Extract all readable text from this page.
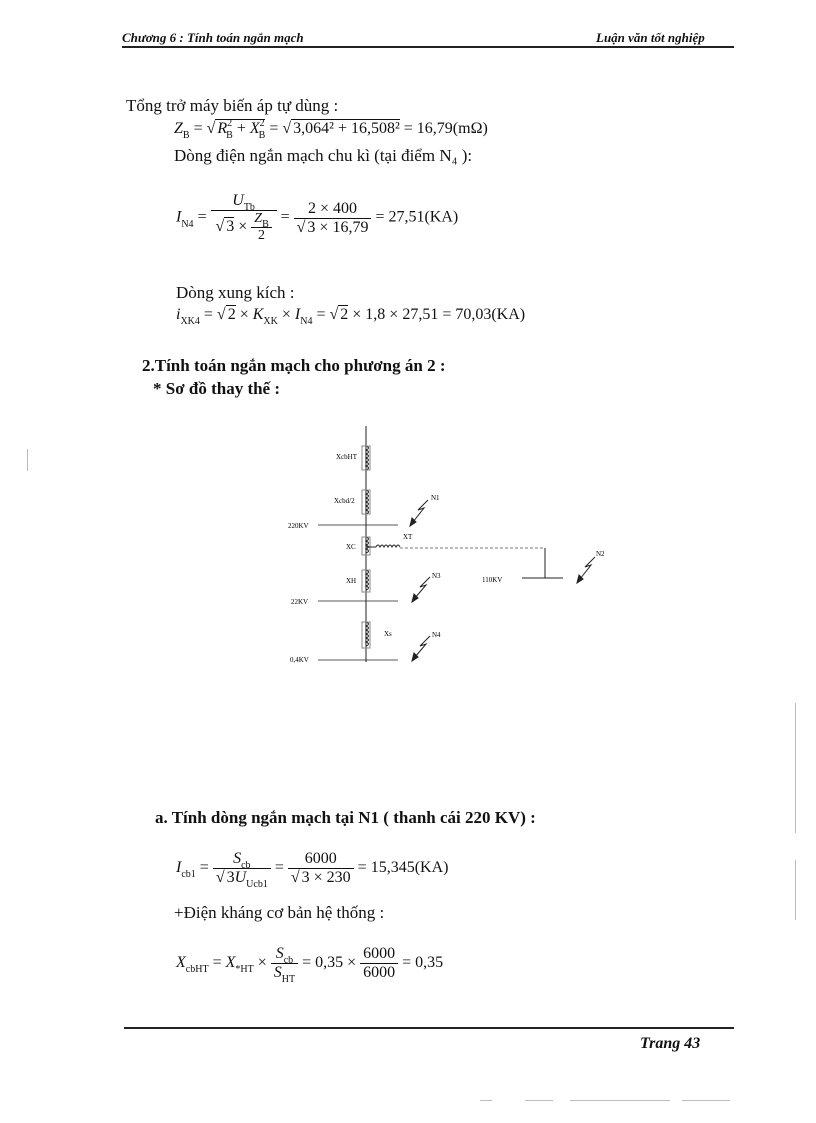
Chương 6 : Tính toán ngắn mạch	Luận văn tốt nghiệp
Tổng trở máy biến áp tự dùng :
$Z_B$ = √ $R^2_B + X^2_B$ = √ 3,064² + 16,508² = 16,79(mΩ)
Dòng điện ngắn mạch chu kì (tại điểm N₄ ):
$I_{N4} = \frac{U_{Tb}}{√ 3 \times \frac{Z_B}{2}} = \frac{2 \times 400}{√ 3 \times 16,79} = 27,51(KA)$
Dòng xung kích :
$i_{XK4}$ = √ $2 \times K_{XK} \times I_{N4}$ = √ 2 × 1,8 × 27,51 = 70,03(KA)
2.Tính toán ngắn mạch cho phương án 2 :
* Sơ đồ thay thế :
XcbHT
Xcbd/2
220KV
XC
XT
XH	110KV
22KV
Xs
0,4KV
N1
N2
N3
N4
a. Tính dòng ngắn mạch tại N1 ( thanh cái 220 KV) :
$I_{cb1} = \frac{S_{cb}}{√ 3U_{Ucb1}} = \frac{6000}{√ 3 \times 230} = 15,345(KA)$
+Điện kháng cơ bản hệ thống :
$X_{cbHT} = X_{*HT} \times \frac{S_{cb}}{S_{HT}} = 0,35 \times \frac{6000}{6000} = 0,35$
Trang 43
